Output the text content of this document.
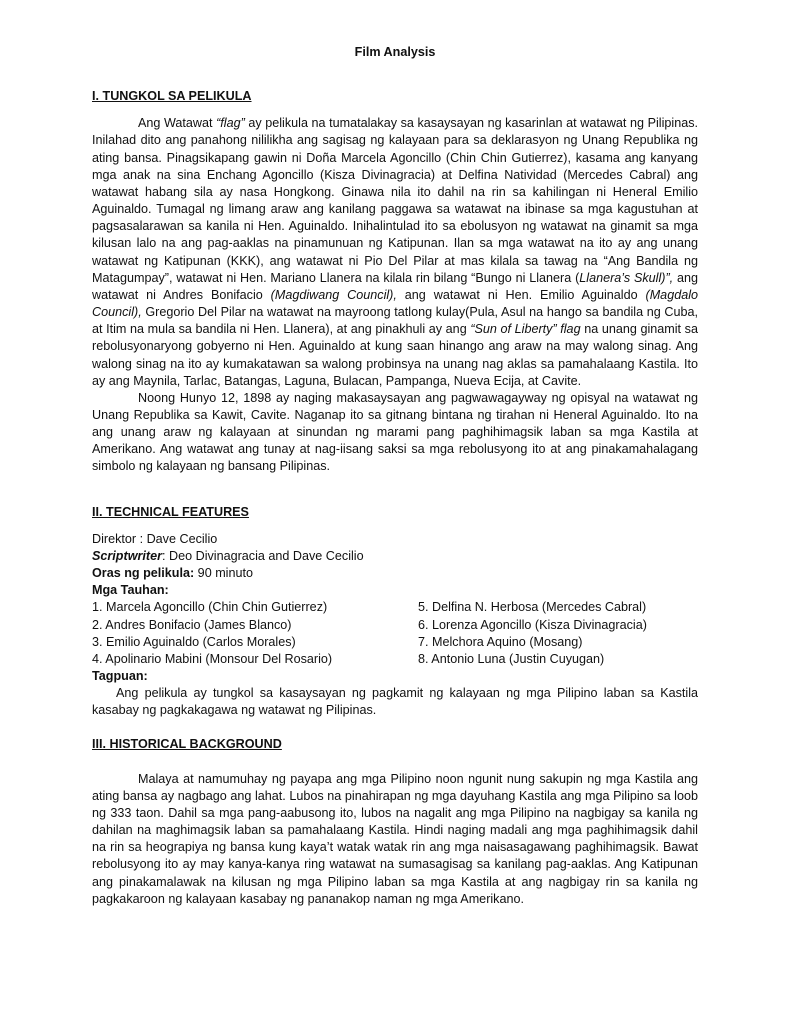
Film Analysis
I. TUNGKOL SA PELIKULA

Ang Watawat “flag” ay pelikula na tumatalakay sa kasaysayan ng kasarinlan at watawat ng Pilipinas. Inilahad dito ang panahong nililikha ang sagisag ng kalayaan para sa deklarasyon ng Unang Republika ng ating bansa. Pinagsikapang gawin ni Doña Marcela Agoncillo (Chin Chin Gutierrez), kasama ang kanyang mga anak na sina Enchang Agoncillo (Kisza Divinagracia) at Delfina Natividad (Mercedes Cabral) ang watawat habang sila ay nasa Hongkong. Ginawa nila ito dahil na rin sa kahilingan ni Heneral Emilio Aguinaldo. Tumagal ng limang araw ang kanilang paggawa sa watawat na ibinase sa mga kagustuhan at pagsasalarawan sa kanila ni Hen. Aguinaldo. Inihalintulad ito sa ebolusyon ng watawat na ginamit sa mga kilusan lalo na ang pag-aaklas na pinamunuan ng Katipunan. Ilan sa mga watawat na ito ay ang unang watawat ng Katipunan (KKK), ang watawat ni Pio Del Pilar at mas kilala sa tawag na “Ang Bandila ng Matagumpay”, watawat ni Hen. Mariano Llanera na kilala rin bilang “Bungo ni Llanera (Llanera’s Skull)”, ang watawat ni Andres Bonifacio (Magdiwang Council), ang watawat ni Hen. Emilio Aguinaldo (Magdalo Council), Gregorio Del Pilar na watawat na mayroong tatlong kulay(Pula, Asul na hango sa bandila ng Cuba, at Itim na mula sa bandila ni Hen. Llanera), at ang pinakhuli ay ang “Sun of Liberty” flag na unang ginamit sa rebolusyonaryong gobyerno ni Hen. Aguinaldo at kung saan hinango ang araw na may walong sinag. Ang walong sinag na ito ay kumakatawan sa walong probinsya na unang nag aklas sa pamahalaang Kastila. Ito ay ang Maynila, Tarlac, Batangas, Laguna, Bulacan, Pampanga, Nueva Ecija, at Cavite.

Noong Hunyo 12, 1898 ay naging makasaysayan ang pagwawagayway ng opisyal na watawat ng Unang Republika sa Kawit, Cavite. Naganap ito sa gitnang bintana ng tirahan ni Heneral Aguinaldo. Ito na ang unang araw ng kalayaan at sinundan ng marami pang paghihimagsik laban sa mga Kastila at Amerikano. Ang watawat ang tunay at nag-iisang saksi sa mga rebolusyong ito at ang pinakamahalagang simbolo ng kalayaan ng bansang Pilipinas.

II. TECHNICAL FEATURES

Direktor : Dave Cecilio

Scriptwriter: Deo Divinagracia and Dave Cecilio

Oras ng pelikula: 90 minuto

Mga Tauhan:

1. Marcela Agoncillo (Chin Chin Gutierrez)	5. Delfina N. Herbosa (Mercedes Cabral)
2. Andres Bonifacio (James Blanco)	6. Lorenza Agoncillo (Kisza Divinagracia)
3. Emilio Aguinaldo (Carlos Morales)	7. Melchora Aquino (Mosang)
4. Apolinario Mabini (Monsour Del Rosario)	8. Antonio Luna (Justin Cuyugan)

Tagpuan:

Ang pelikula ay tungkol sa kasaysayan ng pagkamit ng kalayaan ng mga Pilipino laban sa Kastila kasabay ng pagkakagawa ng watawat ng Pilipinas.

III. HISTORICAL BACKGROUND

Malaya at namumuhay ng payapa ang mga Pilipino noon ngunit nung sakupin ng mga Kastila ang ating bansa ay nagbago ang lahat. Lubos na pinahirapan ng mga dayuhang Kastila ang mga Pilipino sa loob ng 333 taon. Dahil sa mga pang-aabusong ito, lubos na nagalit ang mga Pilipino na nagbigay sa kanila ng dahilan na maghimagsik laban sa pamahalaang Kastila. Hindi naging madali ang mga paghihimagsik dahil na rin sa heograpiya ng bansa kung kaya’t watak watak rin ang mga naisasagawang paghihimagsik. Bawat rebolusyong ito ay may kanya-kanya ring watawat na sumasagisag sa kanilang pag-aaklas. Ang Katipunan ang pinakamalawak na kilusan ng mga Pilipino laban sa mga Kastila at ang nagbigay rin sa kanila ng pagkakaroon ng kalayaan kasabay ng pananakop naman ng mga Amerikano.
